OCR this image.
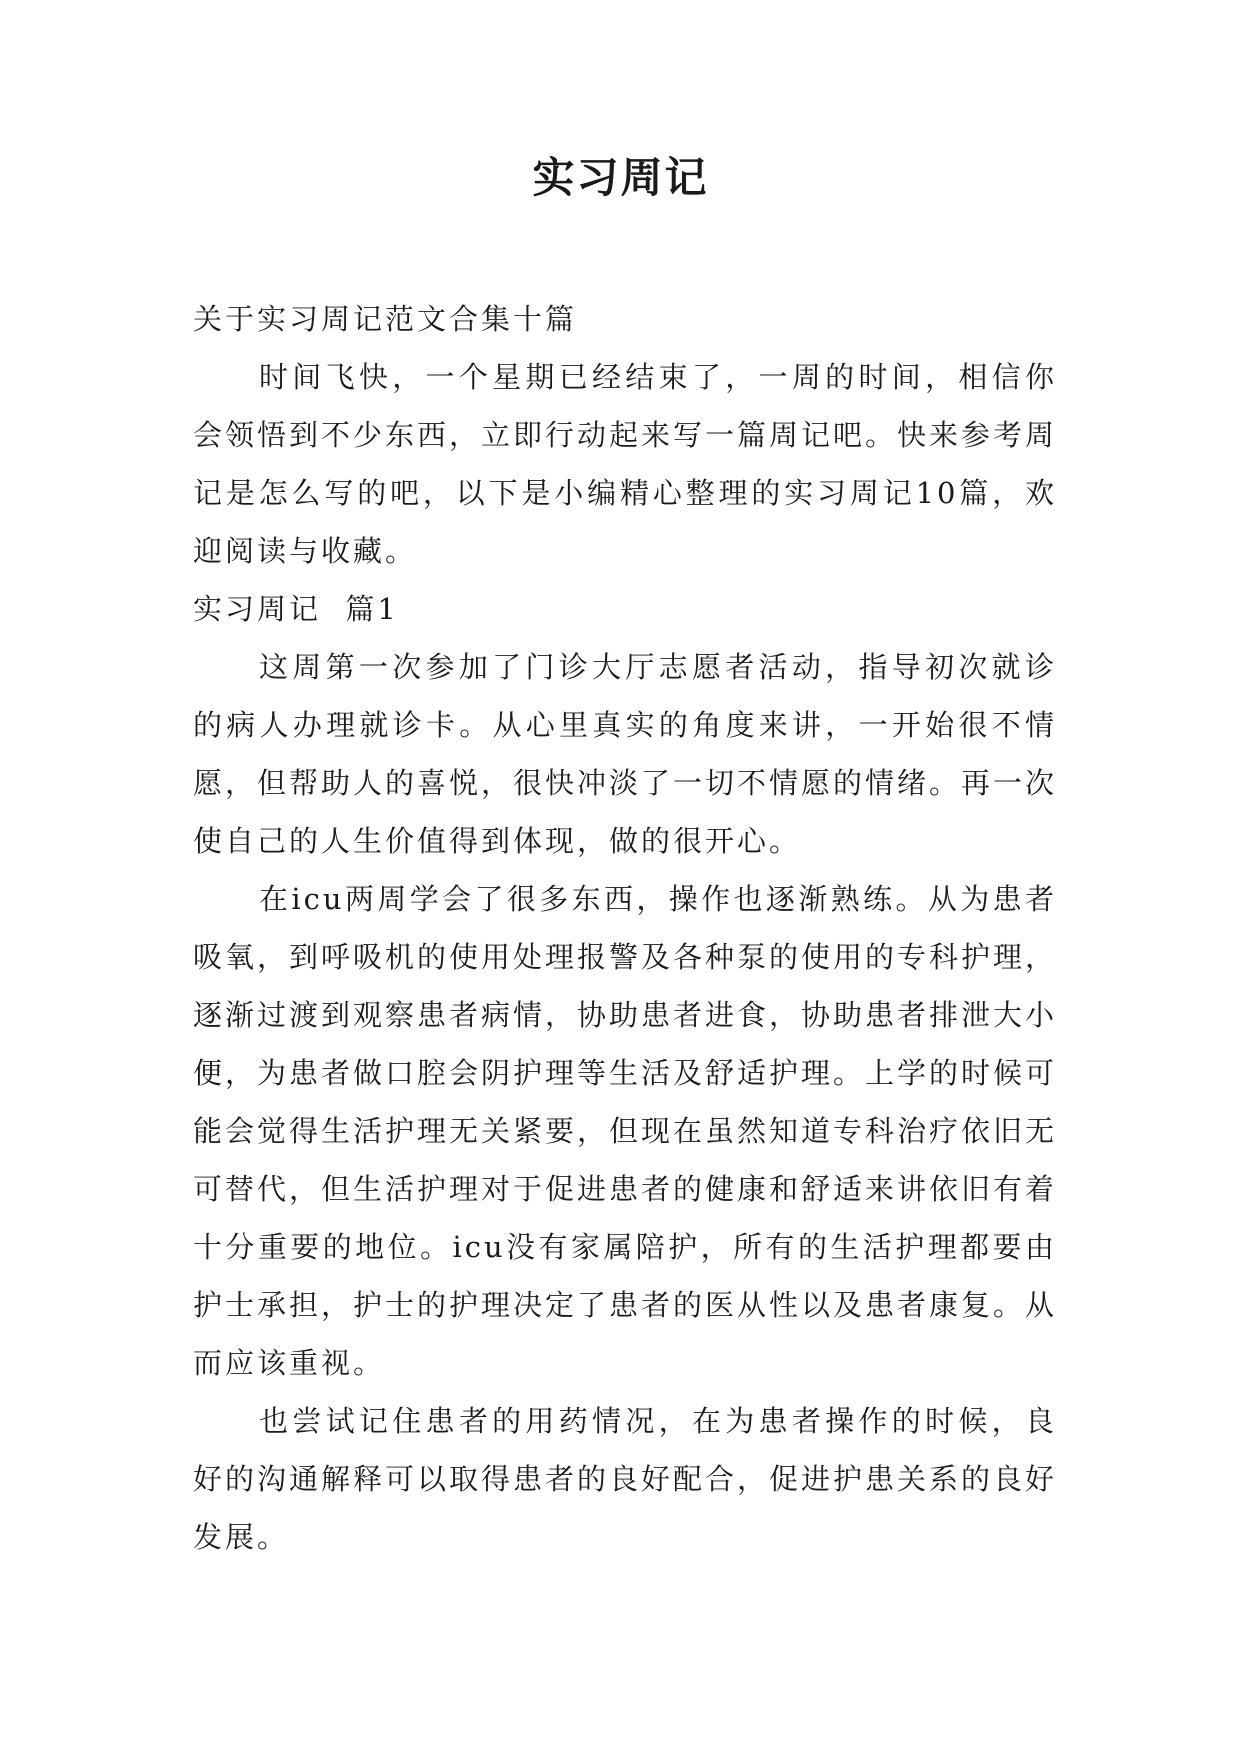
实习周记

关于实习周记范文合集十篇

时间飞快，一个星期已经结束了，一周的时间，相信你会领悟到不少东西，立即行动起来写一篇周记吧。快来参考周记是怎么写的吧，以下是小编精心整理的实习周记10篇，欢迎阅读与收藏。

实习周记  篇1

这周第一次参加了门诊大厅志愿者活动，指导初次就诊的病人办理就诊卡。从心里真实的角度来讲，一开始很不情愿，但帮助人的喜悦，很快冲淡了一切不情愿的情绪。再一次使自己的人生价值得到体现，做的很开心。

在icu两周学会了很多东西，操作也逐渐熟练。从为患者吸氧，到呼吸机的使用处理报警及各种泵的使用的专科护理，逐渐过渡到观察患者病情，协助患者进食，协助患者排泄大小便，为患者做口腔会阴护理等生活及舒适护理。上学的时候可能会觉得生活护理无关紧要，但现在虽然知道专科治疗依旧无可替代，但生活护理对于促进患者的健康和舒适来讲依旧有着十分重要的地位。icu没有家属陪护，所有的生活护理都要由护士承担，护士的护理决定了患者的医从性以及患者康复。从而应该重视。

也尝试记住患者的用药情况，在为患者操作的时候，良好的沟通解释可以取得患者的良好配合，促进护患关系的良好发展。
